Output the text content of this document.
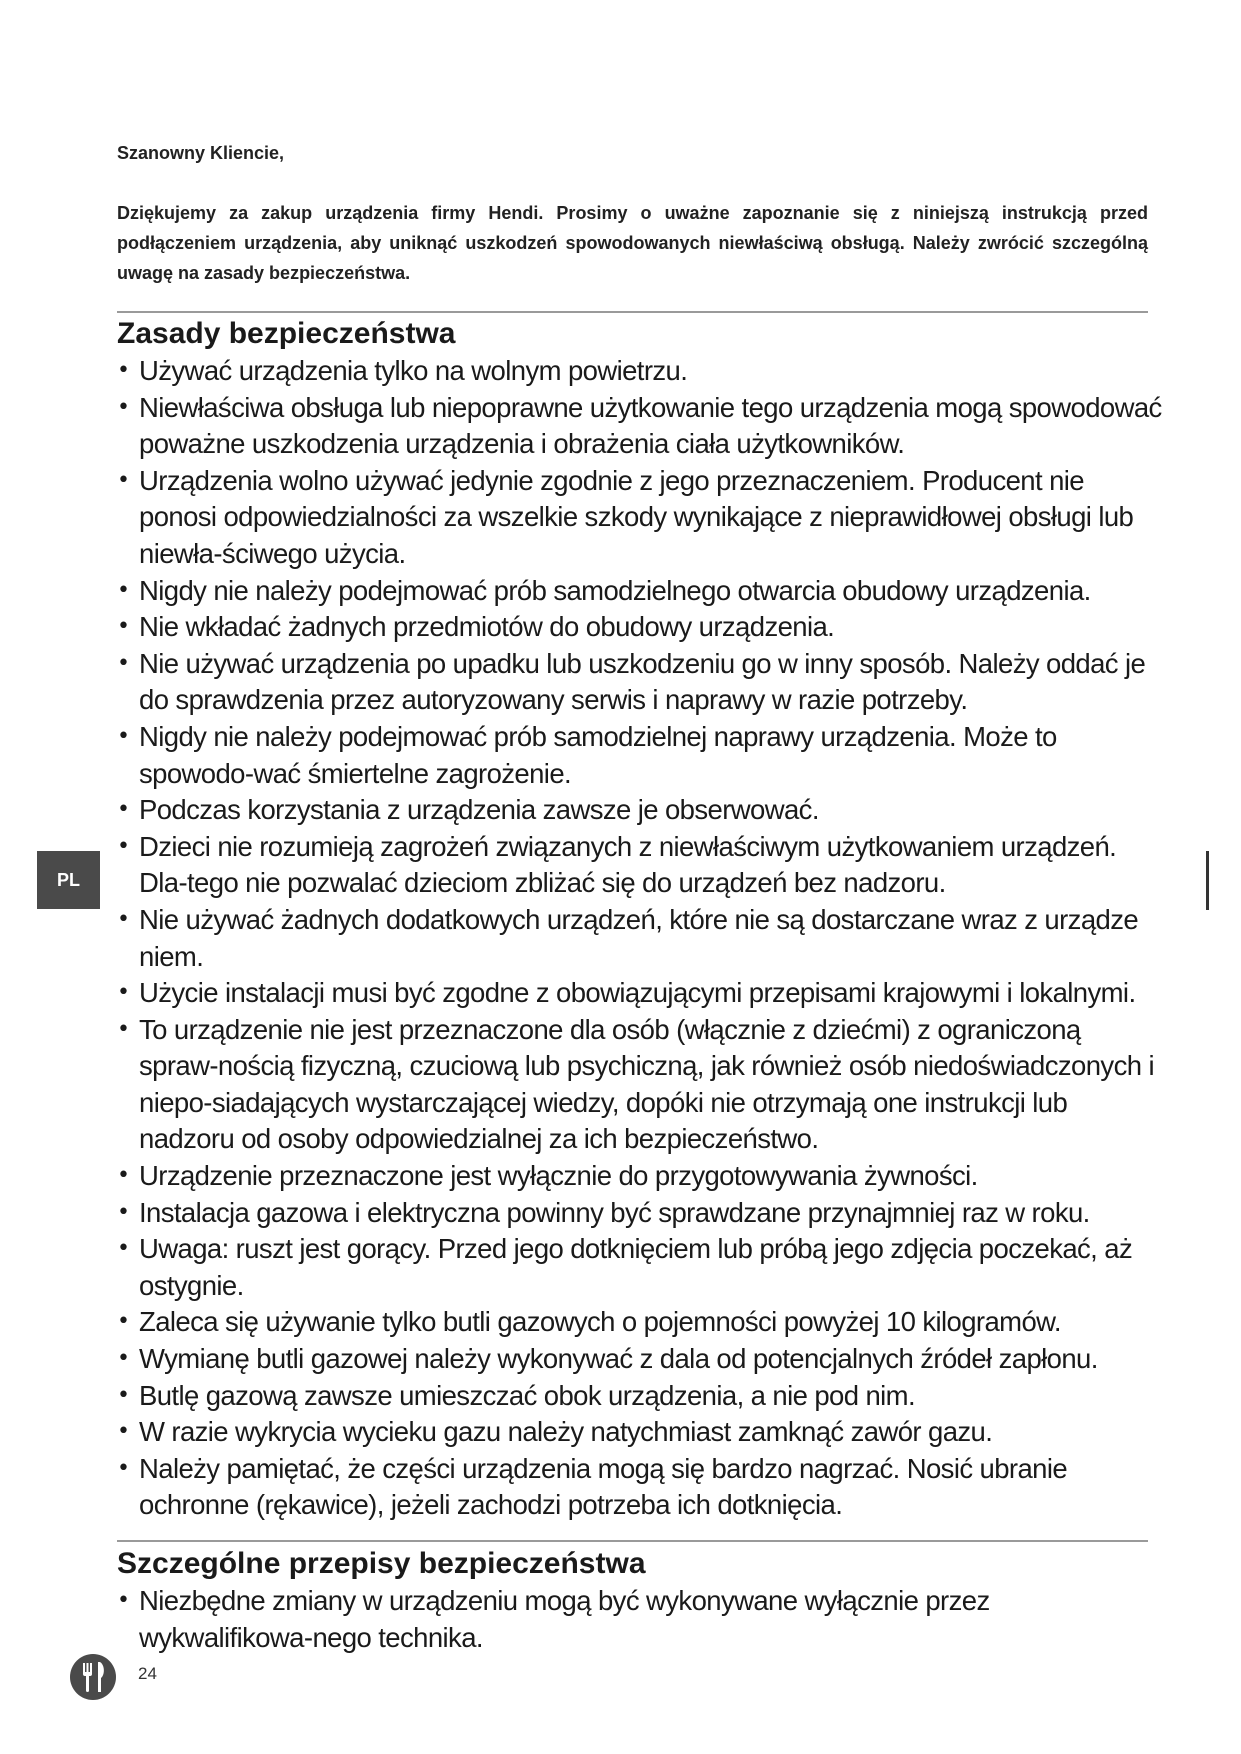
Szanowny Kliencie,
Dziękujemy za zakup urządzenia firmy Hendi. Prosimy o uważne zapoznanie się z niniejszą instrukcją przed podłączeniem urządzenia, aby uniknąć uszkodzeń spowodowanych niewłaściwą obsługą. Należy zwrócić szczególną uwagę na zasady bezpieczeństwa.
Zasady bezpieczeństwa
• Używać urządzenia tylko na wolnym powietrzu.
• Niewłaściwa obsługa lub niepoprawne użytkowanie tego urządzenia mogą spowodować poważne uszkodzenia urządzenia i obrażenia ciała użytkowników.
• Urządzenia wolno używać jedynie zgodnie z jego przeznaczeniem. Producent nie ponosi odpowiedzialności za wszelkie szkody wynikające z nieprawidłowej obsługi lub niewła-ściwego użycia.
• Nigdy nie należy podejmować prób samodzielnego otwarcia obudowy urządzenia.
• Nie wkładać żadnych przedmiotów do obudowy urządzenia.
• Nie używać urządzenia po upadku lub uszkodzeniu go w inny sposób. Należy oddać je do sprawdzenia przez autoryzowany serwis i naprawy w razie potrzeby.
• Nigdy nie należy podejmować prób samodzielnej naprawy urządzenia. Może to spowodo-wać śmiertelne zagrożenie.
• Podczas korzystania z urządzenia zawsze je obserwować.
• Dzieci nie rozumieją zagrożeń związanych z niewłaściwym użytkowaniem urządzeń. Dla-tego nie pozwalać dzieciom zbliżać się do urządzeń bez nadzoru.
• Nie używać żadnych dodatkowych urządzeń, które nie są dostarczane wraz z urządze niem.
• Użycie instalacji musi być zgodne z obowiązującymi przepisami krajowymi i lokalnymi.
• To urządzenie nie jest przeznaczone dla osób (włącznie z dziećmi) z ograniczoną spraw-nością fizyczną, czuciową lub psychiczną, jak również osób niedoświadczonych i niepo-siadających wystarczającej wiedzy, dopóki nie otrzymają one instrukcji lub nadzoru od osoby odpowiedzialnej za ich bezpieczeństwo.
• Urządzenie przeznaczone jest wyłącznie do przygotowywania żywności.
• Instalacja gazowa i elektryczna powinny być sprawdzane przynajmniej raz w roku.
• Uwaga: ruszt jest gorący. Przed jego dotknięciem lub próbą jego zdjęcia poczekać, aż ostygnie.
• Zaleca się używanie tylko butli gazowych o pojemności powyżej 10 kilogramów.
• Wymianę butli gazowej należy wykonywać z dala od potencjalnych źródeł zapłonu.
• Butlę gazową zawsze umieszczać obok urządzenia, a nie pod nim.
• W razie wykrycia wycieku gazu należy natychmiast zamknąć zawór gazu.
• Należy pamiętać, że części urządzenia mogą się bardzo nagrzać. Nosić ubranie ochronne (rękawice), jeżeli zachodzi potrzeba ich dotknięcia.
Szczególne przepisy bezpieczeństwa
• Niezbędne zmiany w urządzeniu mogą być wykonywane wyłącznie przez wykwalifikowa-nego technika.
PL
24
